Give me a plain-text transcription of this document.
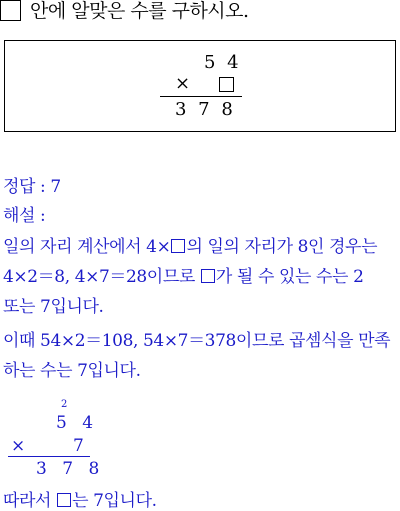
안에 알맞은 수를 구하시오.
5 4
×
3 7 8
정답 : 7
해설 :
일의 자리 계산에서 4× 의 일의 자리가 8인 경우는
4×2＝8, 4×7＝28이므로 가 될 수 있는 수는 2
또는 7입니다.
이때 54×2＝108, 54×7＝378이므로 곱셈식을 만족
하는 수는 7입니다.
2
5 4
×	7
3 7 8
따라서 는 7입니다.
